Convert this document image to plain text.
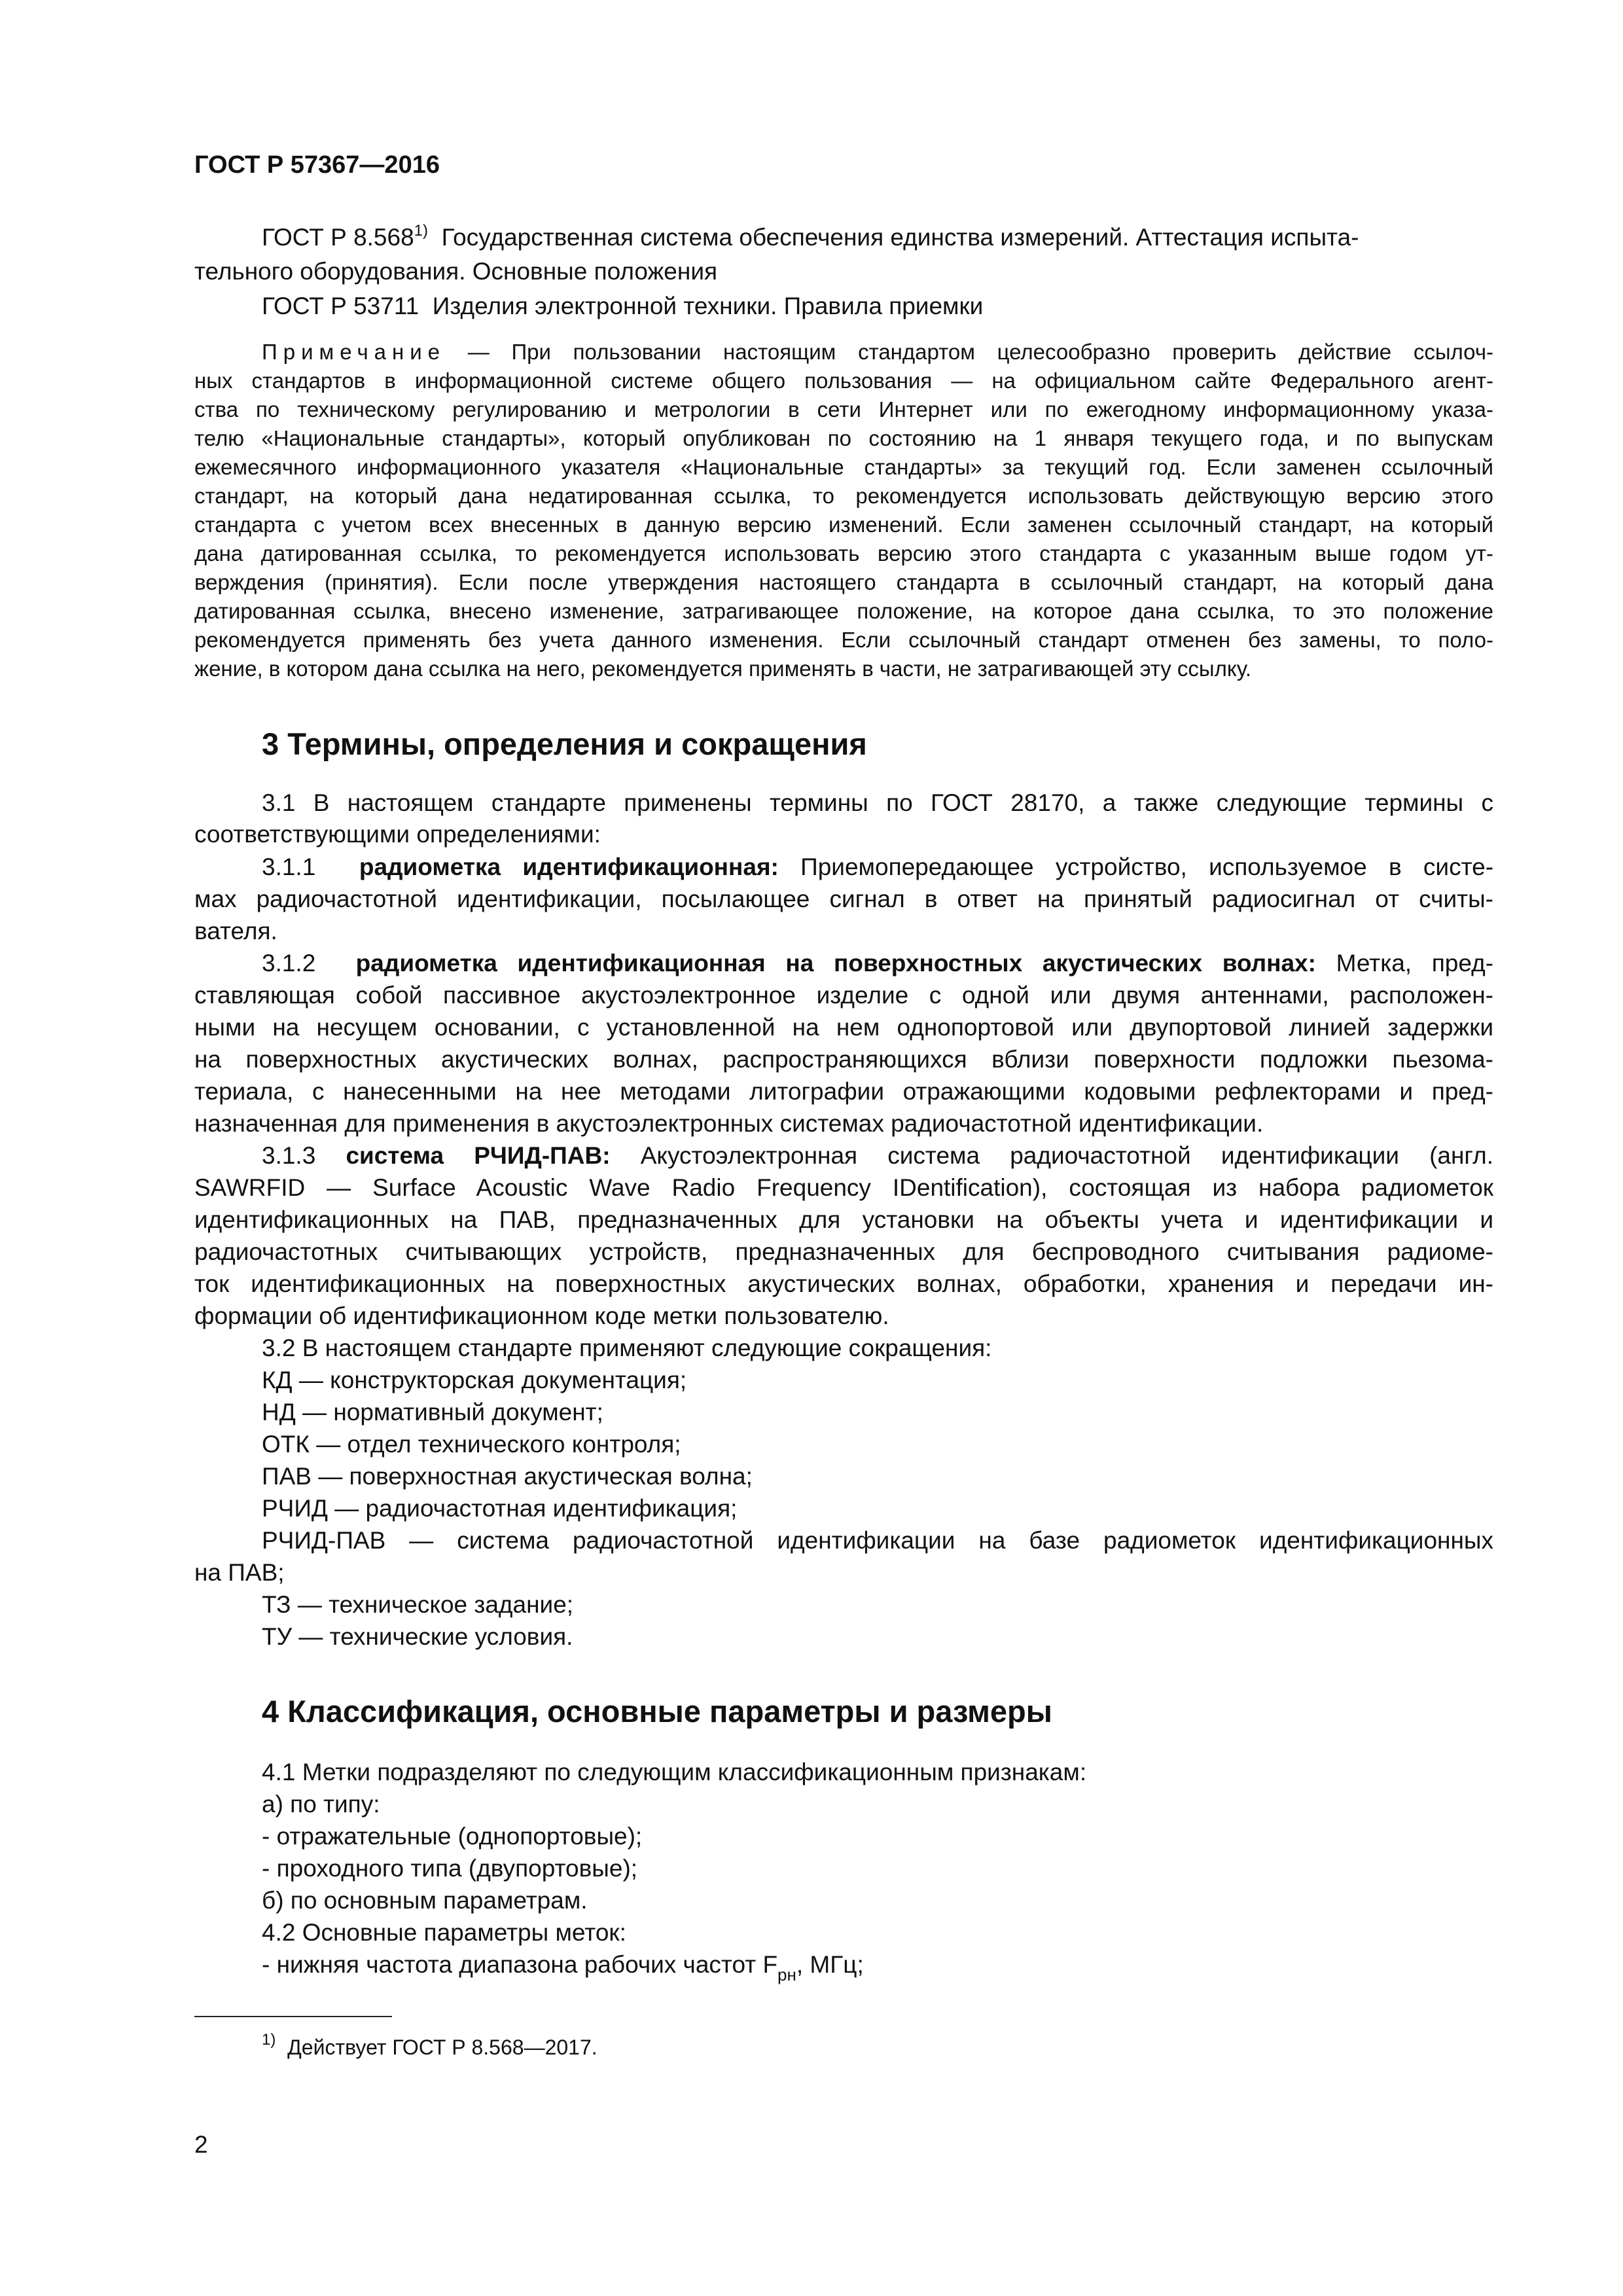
ГОСТ Р 57367—2016
ГОСТ Р 8.568$^{1)}$ Государственная система обеспечения единства измерений. Аттестация испыта-
тельного оборудования. Основные положения
ГОСТ Р 53711 Изделия электронной техники. Правила приемки
Примечание — При пользовании настоящим стандартом целесообразно проверить действие ссылоч-
ных стандартов в информационной системе общего пользования — на официальном сайте Федерального агент-
ства по техническому регулированию и метрологии в сети Интернет или по ежегодному информационному указа-
телю «Национальные стандарты», который опубликован по состоянию на 1 января текущего года, и по выпускам
ежемесячного информационного указателя «Национальные стандарты» за текущий год. Если заменен ссылочный
стандарт, на который дана недатированная ссылка, то рекомендуется использовать действующую версию этого
стандарта с учетом всех внесенных в данную версию изменений. Если заменен ссылочный стандарт, на который
дана датированная ссылка, то рекомендуется использовать версию этого стандарта с указанным выше годом ут-
верждения (принятия). Если после утверждения настоящего стандарта в ссылочный стандарт, на который дана
датированная ссылка, внесено изменение, затрагивающее положение, на которое дана ссылка, то это положение
рекомендуется применять без учета данного изменения. Если ссылочный стандарт отменен без замены, то поло-
жение, в котором дана ссылка на него, рекомендуется применять в части, не затрагивающей эту ссылку.
3 Термины, определения и сокращения
3.1 В настоящем стандарте применены термины по ГОСТ 28170, а также следующие термины с
соответствующими определениями:
3.1.1 радиометка идентификационная: Приемопередающее устройство, используемое в систе-
мах радиочастотной идентификации, посылающее сигнал в ответ на принятый радиосигнал от считы-
вателя.
3.1.2 радиометка идентификационная на поверхностных акустических волнах: Метка, пред-
ставляющая собой пассивное акустоэлектронное изделие с одной или двумя антеннами, расположен-
ными на несущем основании, с установленной на нем однопортовой или двупортовой линией задержки
на поверхностных акустических волнах, распространяющихся вблизи поверхности подложки пьезома-
териала, с нанесенными на нее методами литографии отражающими кодовыми рефлекторами и пред-
назначенная для применения в акустоэлектронных системах радиочастотной идентификации.
3.1.3 система РЧИД-ПАВ: Акустоэлектронная система радиочастотной идентификации (англ.
SAWRFID — Surface Acoustic Wave Radio Frequency IDentification), состоящая из набора радиометок
идентификационных на ПАВ, предназначенных для установки на объекты учета и идентификации и
радиочастотных считывающих устройств, предназначенных для беспроводного считывания радиоме-
ток идентификационных на поверхностных акустических волнах, обработки, хранения и передачи ин-
формации об идентификационном коде метки пользователю.
3.2 В настоящем стандарте применяют следующие сокращения:
КД — конструкторская документация;
НД — нормативный документ;
ОТК — отдел технического контроля;
ПАВ — поверхностная акустическая волна;
РЧИД — радиочастотная идентификация;
РЧИД-ПАВ — система радиочастотной идентификации на базе радиометок идентификационных
на ПАВ;
ТЗ — техническое задание;
ТУ — технические условия.
4 Классификация, основные параметры и размеры
4.1 Метки подразделяют по следующим классификационным признакам:
а) по типу:
- отражательные (однопортовые);
- проходного типа (двупортовые);
б) по основным параметрам.
4.2 Основные параметры меток:
- нижняя частота диапазона рабочих частот $F_{рн}$, МГц;
$^{1)}$ Действует ГОСТ Р 8.568—2017.
2
